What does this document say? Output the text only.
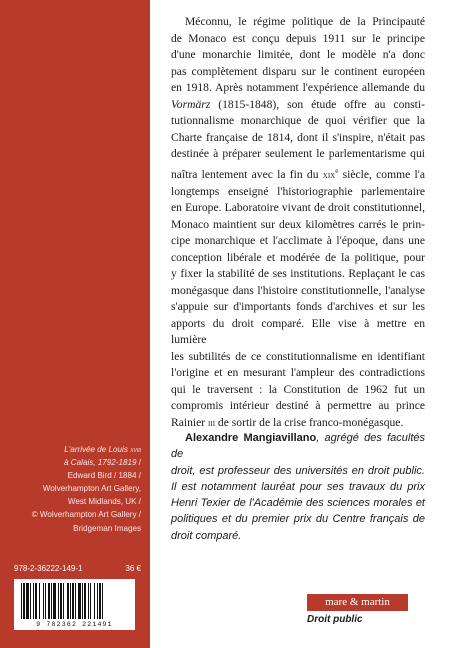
L'arrivée de Louis xviii
à Calais, 1792-1819 /
Edward Bird / 1884 /
Wolverhampton Art Gallery,
West Midlands, UK /
© Wolverhampton Art Gallery /
Bridgeman Images
978-2-36222-149-1	36 €
9 782362 221491
Méconnu, le régime politique de la Principauté
de Monaco est conçu depuis 1911 sur le principe
d'une monarchie limitée, dont le modèle n'a donc
pas complètement disparu sur le continent européen
en 1918. Après notamment l'expérience allemande du
Vormärz (1815-1848), son étude offre au consti-
tutionnalisme monarchique de quoi vérifier que la
Charte française de 1814, dont il s'inspire, n'était pas
destinée à préparer seulement le parlementarisme qui
naîtra lentement avec la fin du xix$^e$ siècle, comme l'a
longtemps enseigné l'historiographie parlementaire
en Europe. Laboratoire vivant de droit constitutionnel,
Monaco maintient sur deux kilomètres carrés le prin-
cipe monarchique et l'acclimate à l'époque, dans une
conception libérale et modérée de la politique, pour
y fixer la stabilité de ses institutions. Replaçant le cas
monégasque dans l'histoire constitutionnelle, l'analyse
s'appuie sur d'importants fonds d'archives et sur les
apports du droit comparé. Elle vise à mettre en lumière
les subtilités de ce constitutionnalisme en identifiant
l'origine et en mesurant l'ampleur des contradictions
qui le traversent : la Constitution de 1962 fut un
compromis intérieur destiné à permettre au prince
Rainier iii de sortir de la crise franco-monégasque.
Alexandre Mangiavillano, agrégé des facultés de
droit, est professeur des universités en droit public.
Il est notamment lauréat pour ses travaux du prix
Henri Texier de l'Académie des sciences morales et
politiques et du premier prix du Centre français de
droit comparé.
mare & martin
Droit public
